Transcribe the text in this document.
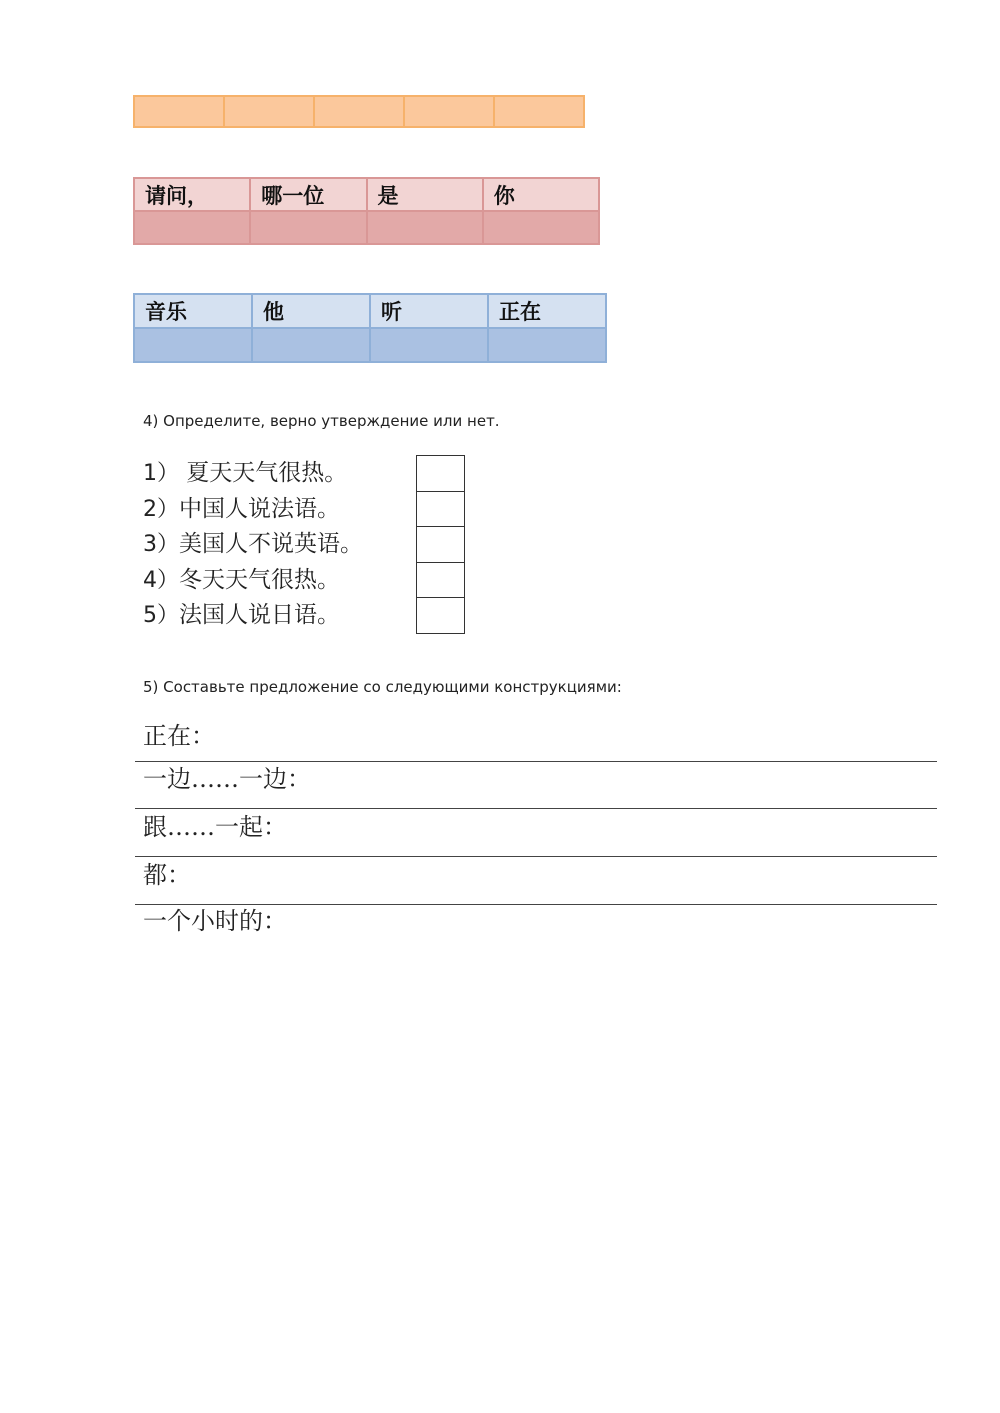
请问，	哪一位	是	你

音乐	他	听	正在

4) Определите, верно утверждение или нет.
1） 夏天天气很热。
2）中国人说法语。
3）美国人不说英语。
4）冬天天气很热。
5）法国人说日语。
5) Составьте предложение со следующими конструкциями:
正在：
一边……一边：
跟……一起：
都：
一个小时的：
